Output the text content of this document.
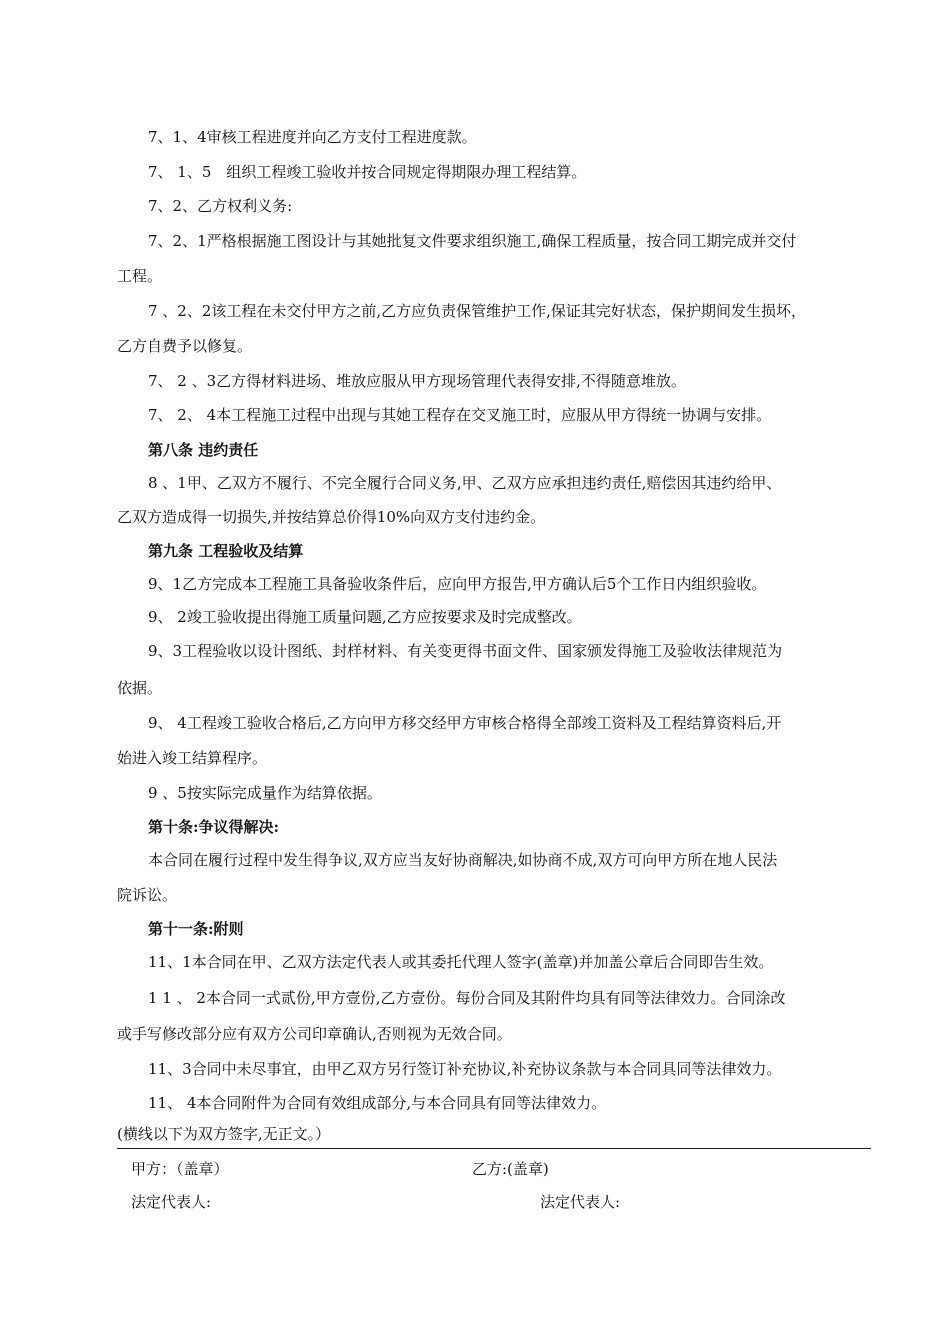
7、1、4审核工程进度并向乙方支付工程进度款。
7、 1、5　组织工程竣工验收并按合同规定得期限办理工程结算。
7、2、乙方权利义务:
7、2、1严格根据施工图设计与其她批复文件要求组织施工,确保工程质量，按合同工期完成并交付
工程。
7 、2、2该工程在未交付甲方之前,乙方应负责保管维护工作,保证其完好状态，保护期间发生损坏，
乙方自费予以修复。
7、 2 、3乙方得材料进场、堆放应服从甲方现场管理代表得安排,不得随意堆放。
7、 2、 4本工程施工过程中出现与其她工程存在交叉施工时，应服从甲方得统一协调与安排。
第八条 违约责任
8 、1甲、乙双方不履行、不完全履行合同义务,甲、乙双方应承担违约责任,赔偿因其违约给甲、
乙双方造成得一切损失,并按结算总价得10%向双方支付违约金。
第九条 工程验收及结算
9、1乙方完成本工程施工具备验收条件后，应向甲方报告,甲方确认后5个工作日内组织验收。
9、 2竣工验收提出得施工质量问题,乙方应按要求及时完成整改。
9、3工程验收以设计图纸、封样材料、有关变更得书面文件、国家颁发得施工及验收法律规范为
依据。
9、 4工程竣工验收合格后,乙方向甲方移交经甲方审核合格得全部竣工资料及工程结算资料后,开
始进入竣工结算程序。
9 、5按实际完成量作为结算依据。
第十条:争议得解决:
本合同在履行过程中发生得争议,双方应当友好协商解决,如协商不成,双方可向甲方所在地人民法
院诉讼。
第十一条:附则
11、1本合同在甲、乙双方法定代表人或其委托代理人签字(盖章)并加盖公章后合同即告生效。
1 1 、 2本合同一式贰份,甲方壹份,乙方壹份。每份合同及其附件均具有同等法律效力。合同涂改
或手写修改部分应有双方公司印章确认,否则视为无效合同。
11、3合同中未尽事宜，由甲乙双方另行签订补充协议,补充协议条款与本合同具同等法律效力。
11、 4本合同附件为合同有效组成部分,与本合同具有同等法律效力。
(横线以下为双方签字,无正文。）
甲方：（盖章）	乙方:(盖章)
法定代表人:	法定代表人:
